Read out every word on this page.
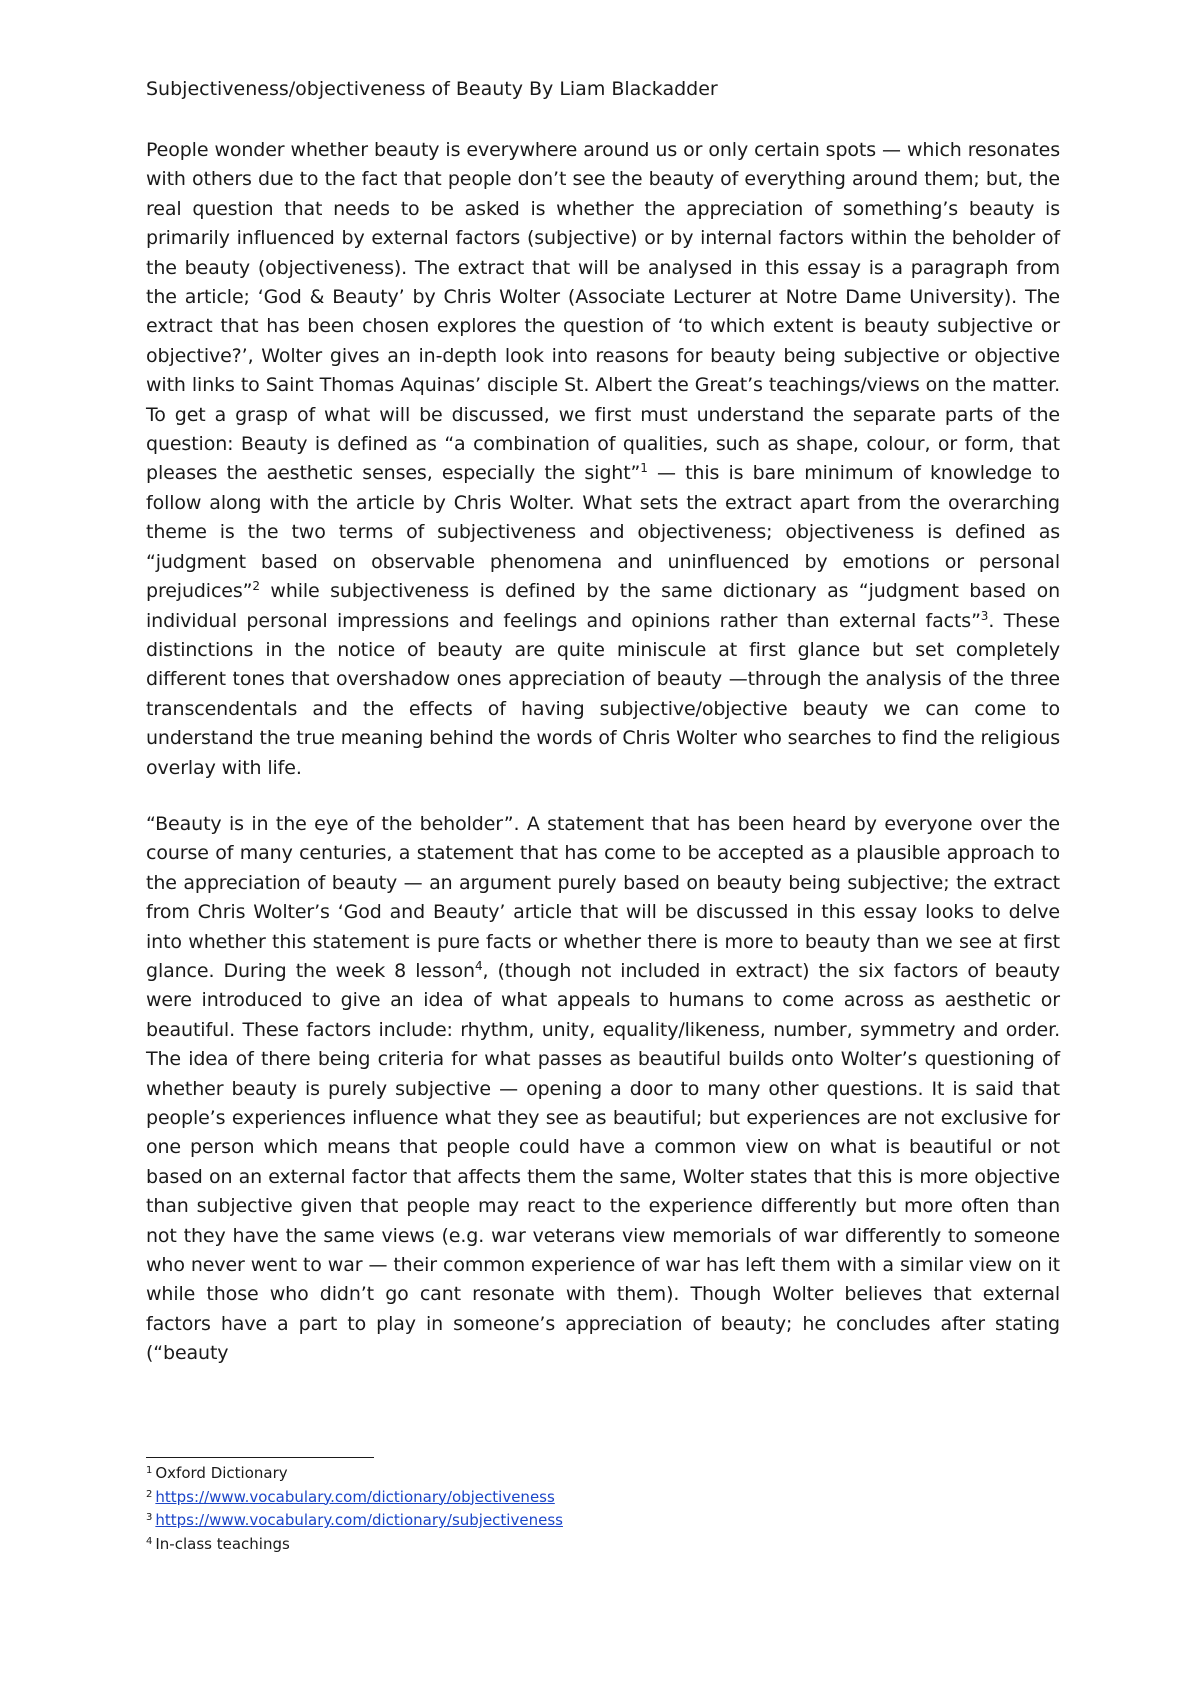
Subjectiveness/objectiveness of Beauty By Liam Blackadder

People wonder whether beauty is everywhere around us or only certain spots — which resonates with others due to the fact that people don’t see the beauty of everything around them; but, the real question that needs to be asked is whether the appreciation of something’s beauty is primarily influenced by external factors (subjective) or by internal factors within the beholder of the beauty (objectiveness). The extract that will be analysed in this essay is a paragraph from the article; ‘God & Beauty’ by Chris Wolter (Associate Lecturer at Notre Dame University). The extract that has been chosen explores the question of ‘to which extent is beauty subjective or objective?’, Wolter gives an in-depth look into reasons for beauty being subjective or objective with links to Saint Thomas Aquinas’ disciple St. Albert the Great’s teachings/views on the matter. To get a grasp of what will be discussed, we first must understand the separate parts of the question: Beauty is defined as “a combination of qualities, such as shape, colour, or form, that pleases the aesthetic senses, especially the sight”$^1$ — this is bare minimum of knowledge to follow along with the article by Chris Wolter. What sets the extract apart from the overarching theme is the two terms of subjectiveness and objectiveness; objectiveness is defined as “judgment based on observable phenomena and uninfluenced by emotions or personal prejudices”$^2$ while subjectiveness is defined by the same dictionary as “judgment based on individual personal impressions and feelings and opinions rather than external facts”$^3$. These distinctions in the notice of beauty are quite miniscule at first glance but set completely different tones that overshadow ones appreciation of beauty —through the analysis of the three transcendentals and the effects of having subjective/objective beauty we can come to understand the true meaning behind the words of Chris Wolter who searches to find the religious overlay with life.

“Beauty is in the eye of the beholder”. A statement that has been heard by everyone over the course of many centuries, a statement that has come to be accepted as a plausible approach to the appreciation of beauty — an argument purely based on beauty being subjective; the extract from Chris Wolter’s ‘God and Beauty’ article that will be discussed in this essay looks to delve into whether this statement is pure facts or whether there is more to beauty than we see at first glance. During the week 8 lesson$^4$, (though not included in extract) the six factors of beauty were introduced to give an idea of what appeals to humans to come across as aesthetic or beautiful. These factors include: rhythm, unity, equality/likeness, number, symmetry and order. The idea of there being criteria for what passes as beautiful builds onto Wolter’s questioning of whether beauty is purely subjective — opening a door to many other questions. It is said that people’s experiences influence what they see as beautiful; but experiences are not exclusive for one person which means that people could have a common view on what is beautiful or not based on an external factor that affects them the same, Wolter states that this is more objective than subjective given that people may react to the experience differently but more often than not they have the same views (e.g. war veterans view memorials of war differently to someone who never went to war — their common experience of war has left them with a similar view on it while those who didn’t go cant resonate with them). Though Wolter believes that external factors have a part to play in someone’s appreciation of beauty; he concludes after stating (“beauty

$^1$ Oxford Dictionary
$^2$ https://www.vocabulary.com/dictionary/objectiveness
$^3$ https://www.vocabulary.com/dictionary/subjectiveness
$^4$ In-class teachings
